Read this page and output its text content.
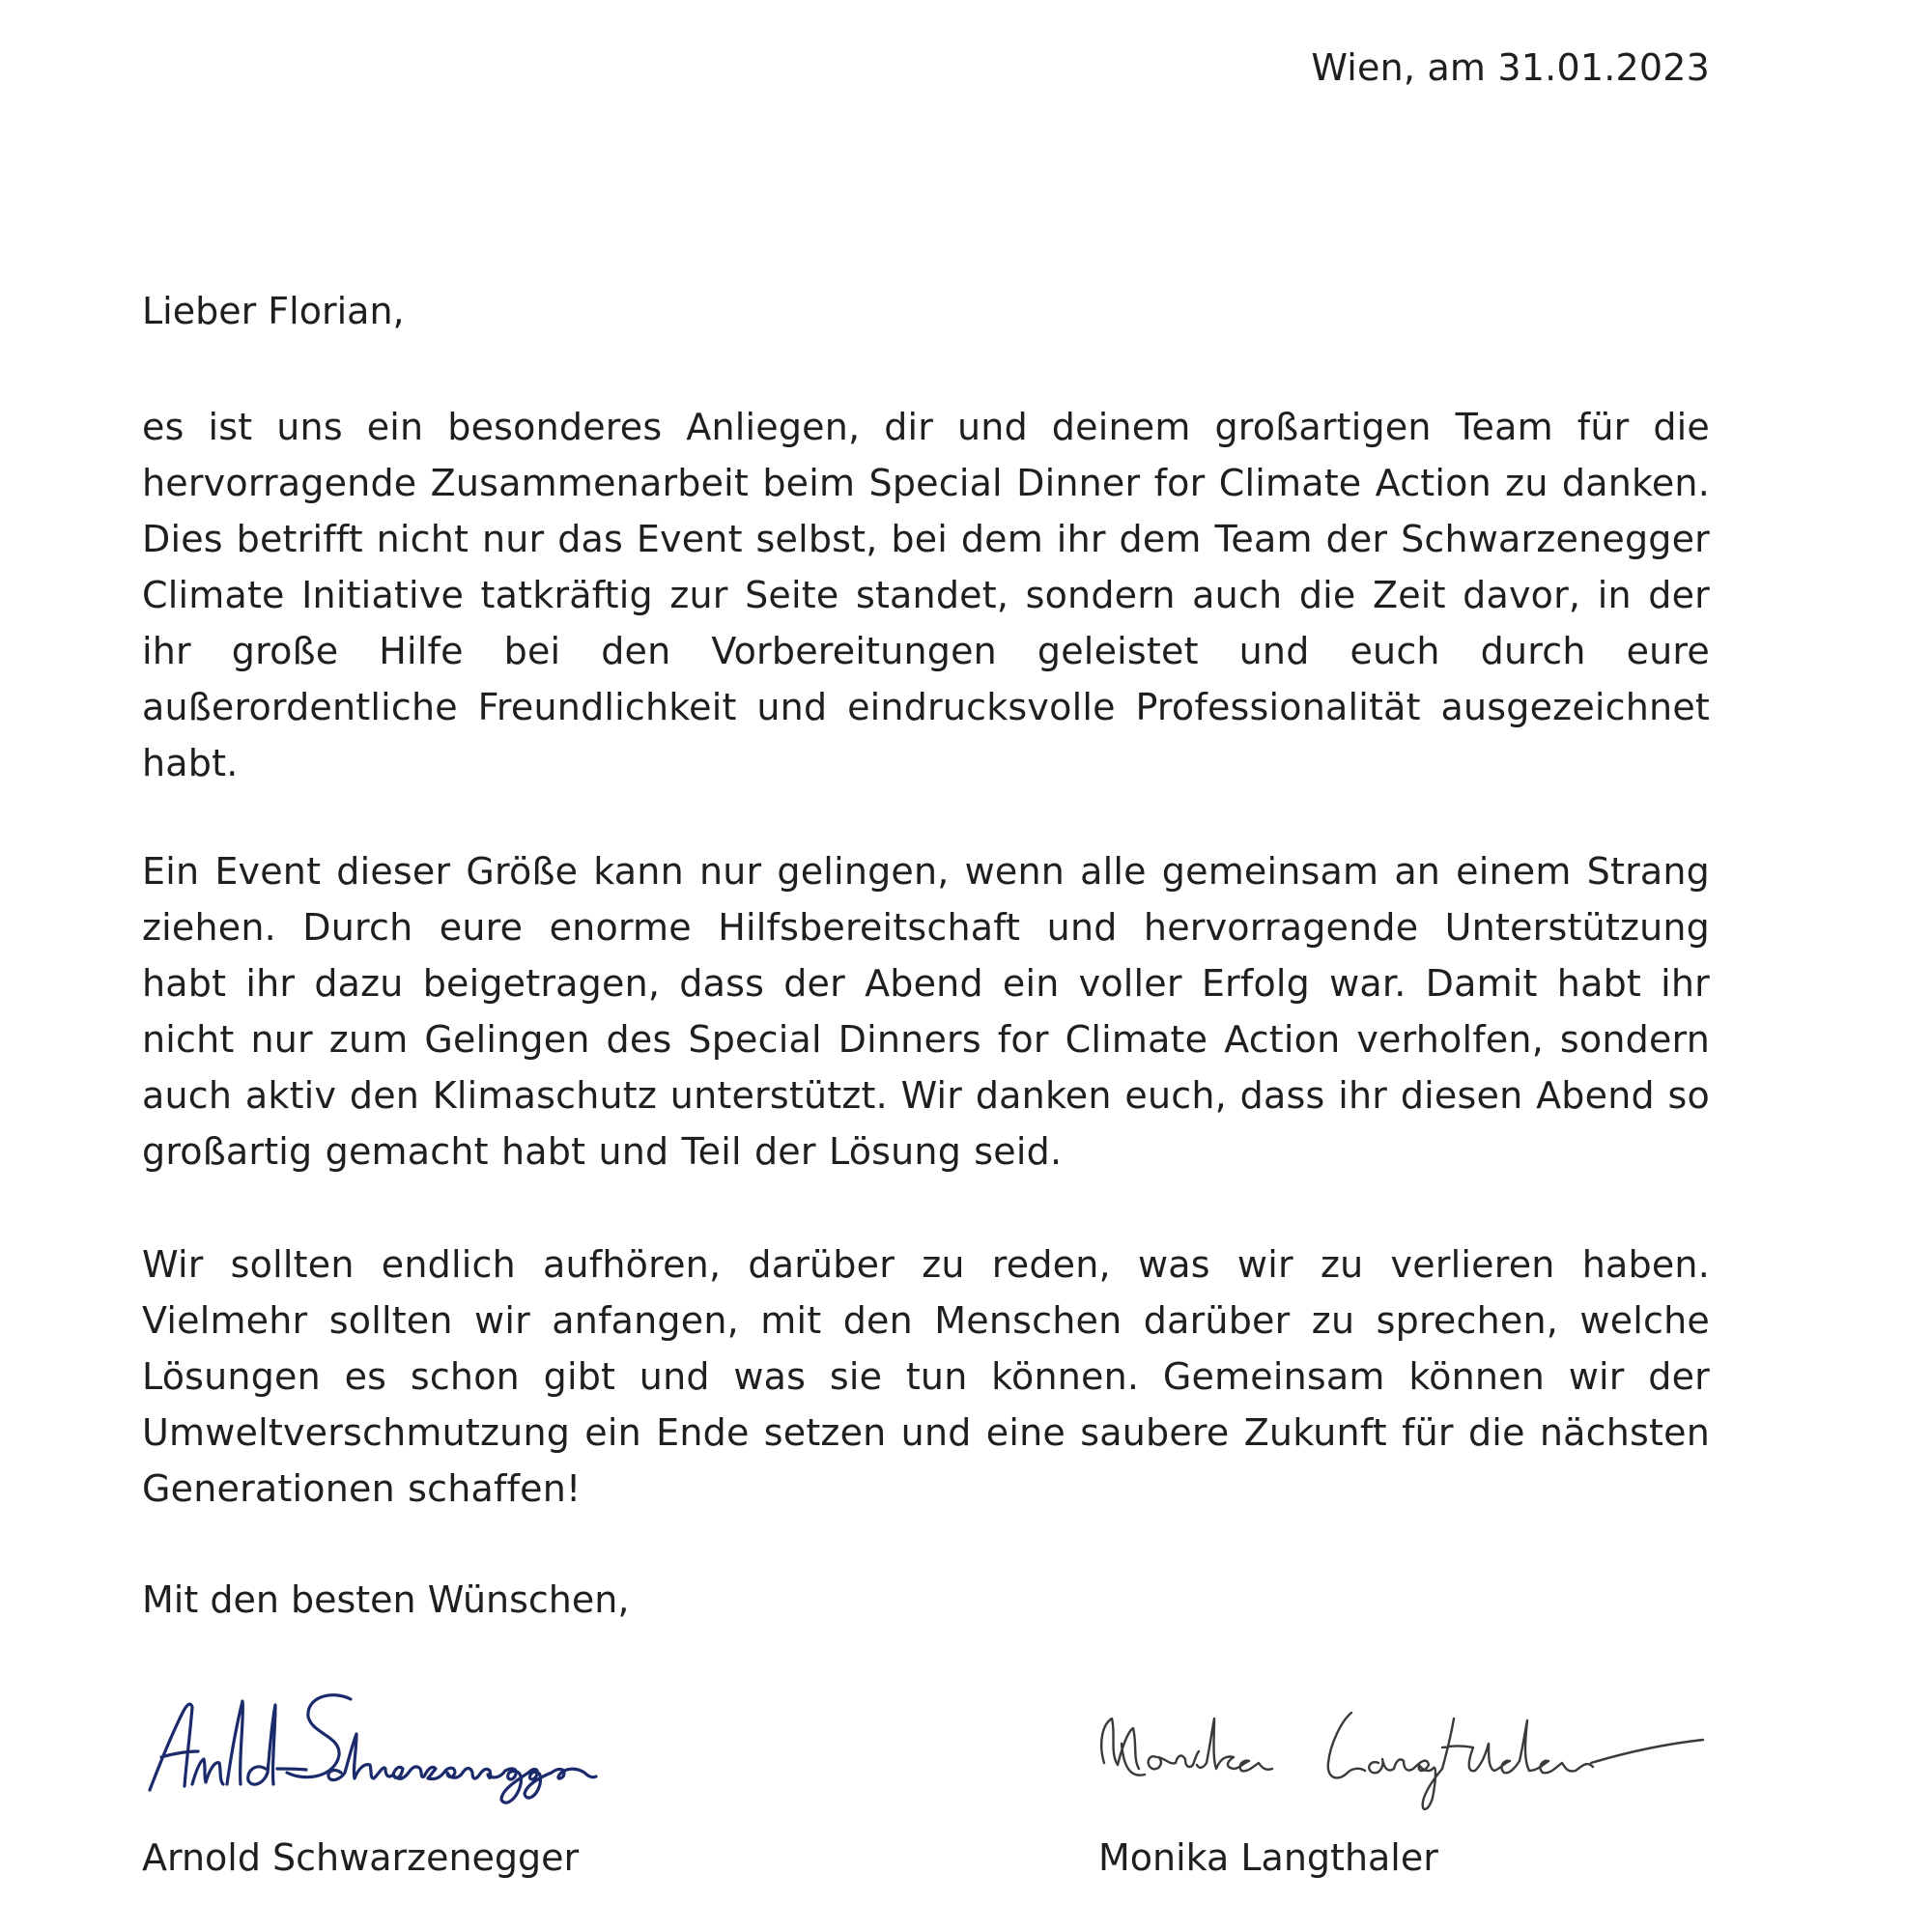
Wien, am 31.01.2023
Lieber Florian,

es ist uns ein besonderes Anliegen, dir und deinem großartigen Team für die hervorragende Zusammenarbeit beim Special Dinner for Climate Action zu danken. Dies betrifft nicht nur das Event selbst, bei dem ihr dem Team der Schwarzenegger Climate Initiative tatkräftig zur Seite standet, sondern auch die Zeit davor, in der ihr große Hilfe bei den Vorbereitungen geleistet und euch durch eure außerordentliche Freundlichkeit und eindrucksvolle Professionalität ausgezeichnet habt.

Ein Event dieser Größe kann nur gelingen, wenn alle gemeinsam an einem Strang ziehen. Durch eure enorme Hilfsbereitschaft und hervorragende Unterstützung habt ihr dazu beigetragen, dass der Abend ein voller Erfolg war. Damit habt ihr nicht nur zum Gelingen des Special Dinners for Climate Action verholfen, sondern auch aktiv den Klimaschutz unterstützt. Wir danken euch, dass ihr diesen Abend so großartig gemacht habt und Teil der Lösung seid.

Wir sollten endlich aufhören, darüber zu reden, was wir zu verlieren haben. Vielmehr sollten wir anfangen, mit den Menschen darüber zu sprechen, welche Lösungen es schon gibt und was sie tun können. Gemeinsam können wir der Umweltverschmutzung ein Ende setzen und eine saubere Zukunft für die nächsten Generationen schaffen!

Mit den besten Wünschen,
Arnold Schwarzenegger	Monika Langthaler
